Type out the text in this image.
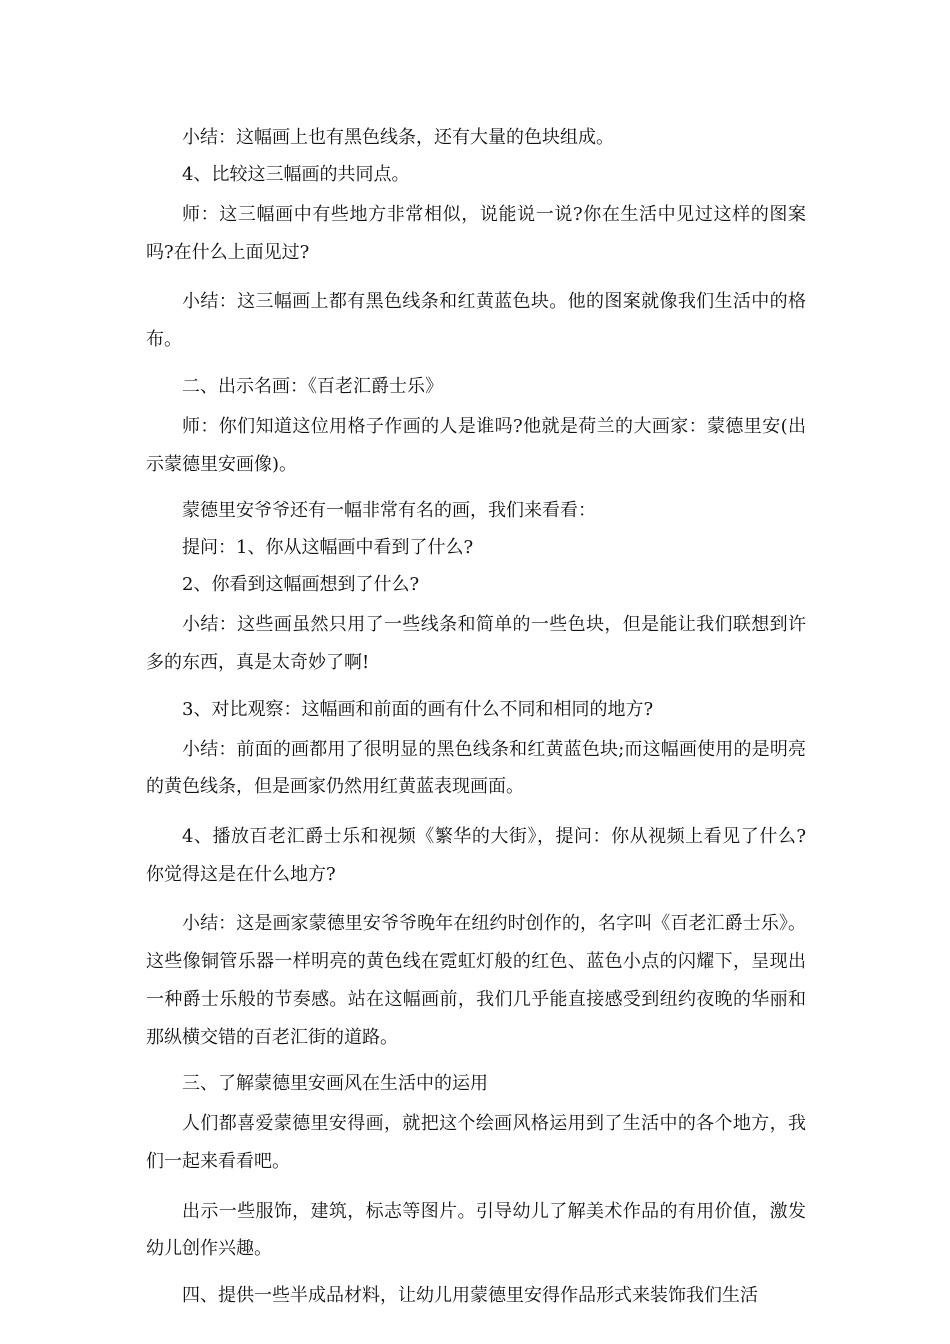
小结：这幅画上也有黑色线条，还有大量的色块组成。

4、比较这三幅画的共同点。

师：这三幅画中有些地方非常相似，说能说一说?你在生活中见过这样的图案吗?在什么上面见过?

小结：这三幅画上都有黑色线条和红黄蓝色块。他的图案就像我们生活中的格布。

二、出示名画：《百老汇爵士乐》

师：你们知道这位用格子作画的人是谁吗?他就是荷兰的大画家：蒙德里安(出示蒙德里安画像)。

蒙德里安爷爷还有一幅非常有名的画，我们来看看：

提问：1、你从这幅画中看到了什么?

2、你看到这幅画想到了什么?

小结：这些画虽然只用了一些线条和简单的一些色块，但是能让我们联想到许多的东西，真是太奇妙了啊!

3、对比观察：这幅画和前面的画有什么不同和相同的地方?

小结：前面的画都用了很明显的黑色线条和红黄蓝色块;而这幅画使用的是明亮的黄色线条，但是画家仍然用红黄蓝表现画面。

4、播放百老汇爵士乐和视频《繁华的大街》，提问：你从视频上看见了什么?你觉得这是在什么地方?

小结：这是画家蒙德里安爷爷晚年在纽约时创作的，名字叫《百老汇爵士乐》。这些像铜管乐器一样明亮的黄色线在霓虹灯般的红色、蓝色小点的闪耀下，呈现出一种爵士乐般的节奏感。站在这幅画前，我们几乎能直接感受到纽约夜晚的华丽和那纵横交错的百老汇街的道路。

三、了解蒙德里安画风在生活中的运用

人们都喜爱蒙德里安得画，就把这个绘画风格运用到了生活中的各个地方，我们一起来看看吧。

出示一些服饰，建筑，标志等图片。引导幼儿了解美术作品的有用价值，激发幼儿创作兴趣。

四、提供一些半成品材料，让幼儿用蒙德里安得作品形式来装饰我们生活
